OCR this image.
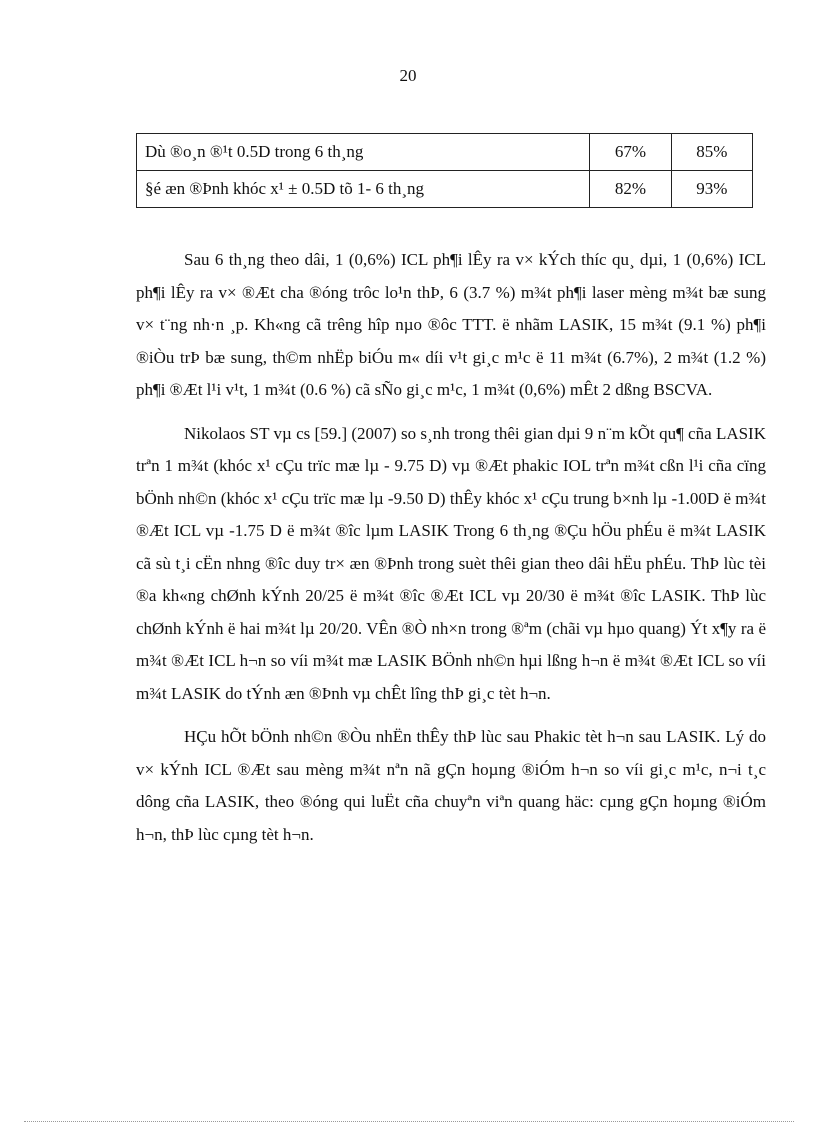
20
Dù ®o¸n ®¹t 0.5D trong 6 th¸ng	67%	85%
§é æn ®Þnh khóc x¹ ± 0.5D tõ 1- 6 th¸ng	82%	93%

Sau 6 th¸ng theo dâi, 1 (0,6%) ICL ph¶i lÊy ra v× kÝch thíc qu¸ dµi, 1 (0,6%) ICL ph¶i lÊy ra v× ®Æt cha ®óng trôc lo¹n thÞ, 6 (3.7 %) m¾t ph¶i laser mèng m¾t bæ sung v× t¨ng nh·n ¸p. Kh«ng cã trêng hîp nµo ®ôc TTT. ë nhãm LASIK, 15 m¾t (9.1 %) ph¶i ®iÒu trÞ bæ sung, th©m nhËp biÓu m« díi v¹t gi¸c m¹c ë 11 m¾t (6.7%), 2 m¾t (1.2 %) ph¶i ®Æt l¹i v¹t, 1 m¾t (0.6 %) cã sÑo gi¸c m¹c, 1 m¾t (0,6%) mÊt 2 dßng BSCVA.

Nikolaos ST vµ cs [59.] (2007) so s¸nh trong thêi gian dµi 9 n¨m kÕt qu¶ cña LASIK trªn 1 m¾t (khóc x¹ cÇu trïc mæ lµ - 9.75 D) vµ ®Æt phakic IOL trªn m¾t cßn l¹i cña cïng bÖnh nh©n (khóc x¹ cÇu trïc mæ lµ -9.50 D) thÊy khóc x¹ cÇu trung b×nh lµ -1.00D ë m¾t ®Æt ICL vµ -1.75 D ë m¾t ®îc lµm LASIK Trong 6 th¸ng ®Çu hÖu phÉu ë m¾t LASIK cã sù t¸i cËn nhng ®îc duy tr× æn ®Þnh trong suèt thêi gian theo dâi hËu phÉu. ThÞ lùc tèi ®a kh«ng chØnh kÝnh 20/25 ë m¾t ®îc ®Æt ICL vµ 20/30 ë m¾t ®îc LASIK. ThÞ lùc chØnh kÝnh ë hai m¾t lµ 20/20. VÊn ®Ò nh×n trong ®ªm (chãi vµ hµo quang) Ýt x¶y ra ë m¾t ®Æt ICL h¬n so víi m¾t mæ LASIK BÖnh nh©n hµi lßng h¬n ë m¾t ®Æt ICL so víi m¾t LASIK do tÝnh æn ®Þnh vµ chÊt lîng thÞ gi¸c tèt h¬n.

HÇu hÕt bÖnh nh©n ®Òu nhËn thÊy thÞ lùc sau Phakic tèt h¬n sau LASIK. Lý do v× kÝnh ICL ®Æt sau mèng m¾t nªn nã gÇn hoµng ®iÓm h¬n so víi gi¸c m¹c, n¬i t¸c dông cña LASIK, theo ®óng qui luËt cña chuyªn viªn quang häc: cµng gÇn hoµng ®iÓm h¬n, thÞ lùc cµng tèt h¬n.
